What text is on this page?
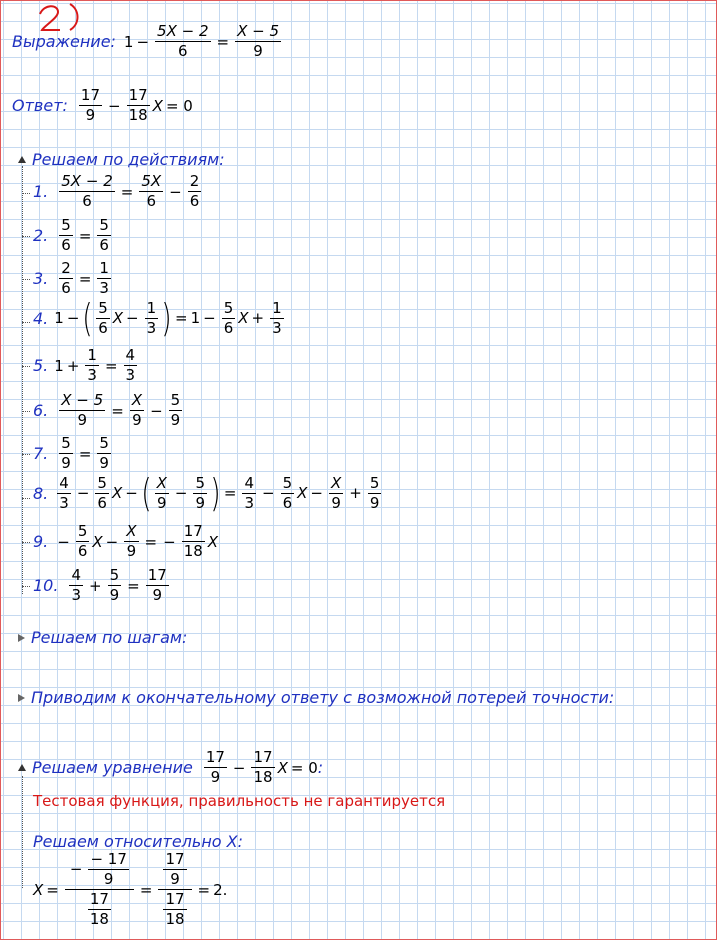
Выражение: $1 - \frac{5X - 2}{6} = \frac{X - 5}{9}$
Ответ: $\frac{17}{9} - \frac{17}{18}$ X = 0
Решаем по действиям:
1. $\frac{5X - 2}{6} = \frac{5X}{6} - \frac{2}{6}$
2. $\frac{5}{6} = \frac{5}{6}$
3. $\frac{2}{6} = \frac{1}{3}$
4. 1 − ( $\frac{5}{6}$ $X - \frac{1}{3}$ ) = $1 - \frac{5}{6}$ $X + \frac{1}{3}$
5. $1 + \frac{1}{3} = \frac{4}{3}$
6. $\frac{X - 5}{9} = \frac{X}{9} - \frac{5}{9}$
7. $\frac{5}{9} = \frac{5}{9}$
8. $\frac{4}{3} - \frac{5}{6}$ X − ( $\frac{X}{9} - \frac{5}{9}$ ) = $\frac{4}{3} - \frac{5}{6}$ $X - \frac{X}{9} + \frac{5}{9}$
9. − $\frac{5}{6}$ $X - \frac{X}{9}$ = − $\frac{17}{18}$ X
10. $\frac{4}{3} + \frac{5}{9} = \frac{17}{9}$
Решаем по шагам:
Приводим к окончательному ответу с возможной потерей точности:
Решаем уравнение $\frac{17}{9} - \frac{17}{18}$ X = 0 :
Тестовая функция, правильность не гарантируется
Решаем относительно X:
$X = \frac{- \frac{- 17}{9}}{\frac{17}{18}} = \frac{\frac{17}{9}}{\frac{17}{18}} = 2$.
